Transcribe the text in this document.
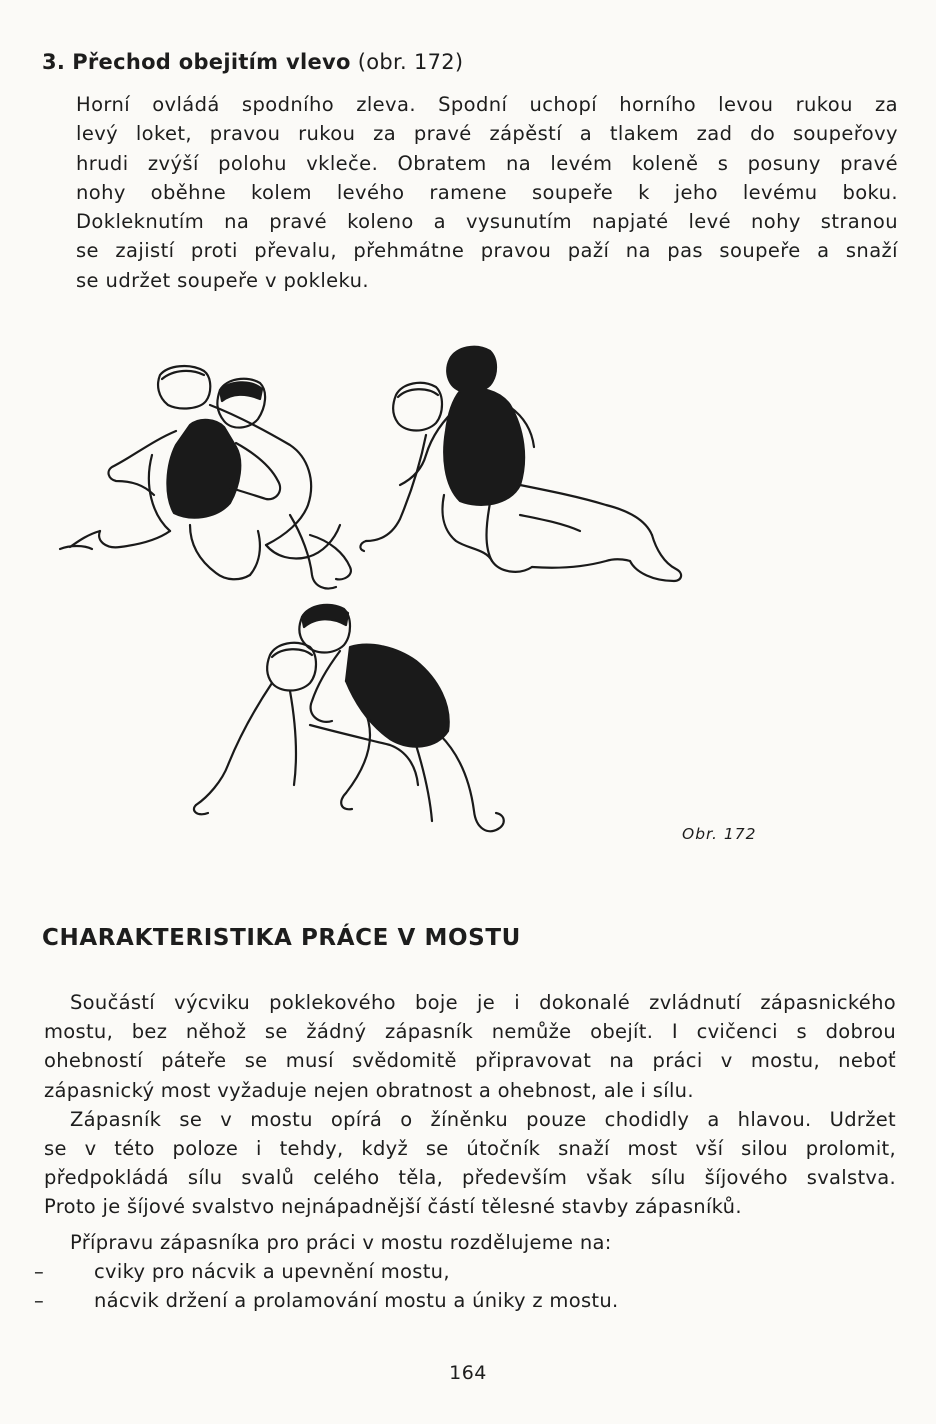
3. Přechod obejitím vlevo (obr. 172)
Horní ovládá spodního zleva. Spodní uchopí horního levou rukou za
levý loket, pravou rukou za pravé zápěstí a tlakem zad do soupeřovy
hrudi zvýší polohu vkleče. Obratem na levém koleně s posuny pravé
nohy oběhne kolem levého ramene soupeře k jeho levému boku.
Dokleknutím na pravé koleno a vysunutím napjaté levé nohy stranou
se zajistí proti převalu, přehmátne pravou paží na pas soupeře a snaží
se udržet soupeře v pokleku.
Obr. 172
CHARAKTERISTIKA PRÁCE V MOSTU
Součástí výcviku poklekového boje je i dokonalé zvládnutí zápasnického
mostu, bez něhož se žádný zápasník nemůže obejít. I cvičenci s dobrou
ohebností páteře se musí svědomitě připravovat na práci v mostu, neboť
zápasnický most vyžaduje nejen obratnost a ohebnost, ale i sílu.
Zápasník se v mostu opírá o žíněnku pouze chodidly a hlavou. Udržet
se v této poloze i tehdy, když se útočník snaží most vší silou prolomit,
předpokládá sílu svalů celého těla, především však sílu šíjového svalstva.
Proto je šíjové svalstvo nejnápadnější částí tělesné stavby zápasníků.
Přípravu zápasníka pro práci v mostu rozdělujeme na:
–	cviky pro nácvik a upevnění mostu,
–	nácvik držení a prolamování mostu a úniky z mostu.
164
